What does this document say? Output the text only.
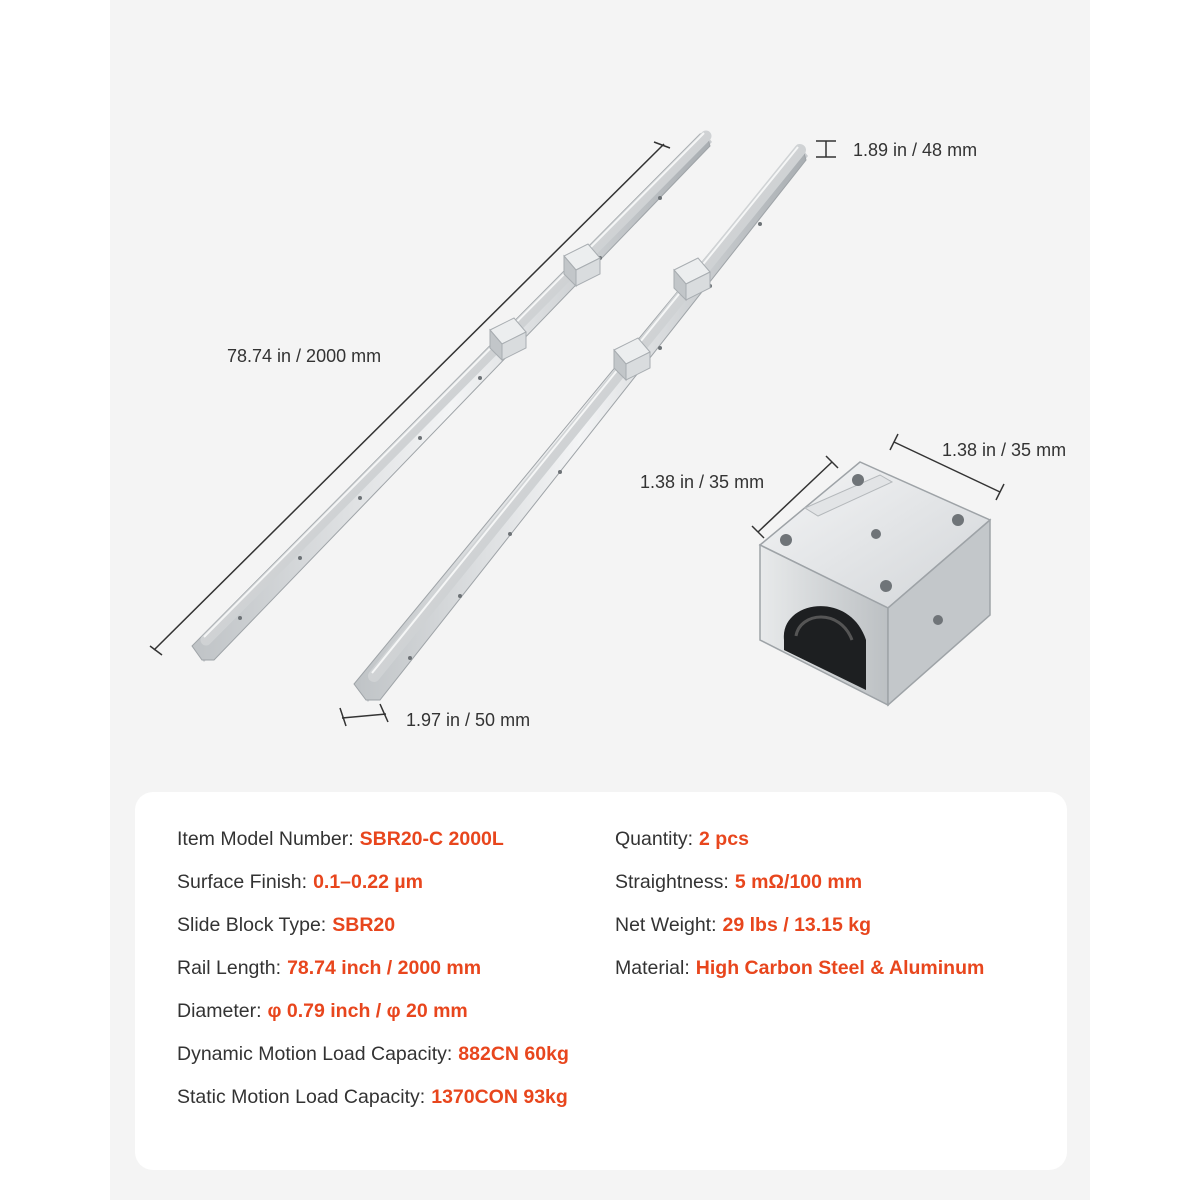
78.74 in / 2000 mm
1.89 in / 48 mm
1.97 in / 50 mm
1.38 in / 35 mm
1.38 in / 35 mm
Item Model Number: SBR20-C 2000L
Surface Finish: 0.1–0.22 µm
Slide Block Type: SBR20
Rail Length: 78.74 inch / 2000 mm
Diameter: φ 0.79 inch / φ 20 mm
Dynamic Motion Load Capacity: 882CN 60kg
Static Motion Load Capacity: 1370CON 93kg
Quantity: 2 pcs
Straightness: 5 mΩ/100 mm
Net Weight: 29 lbs / 13.15 kg
Material: High Carbon Steel & Aluminum
